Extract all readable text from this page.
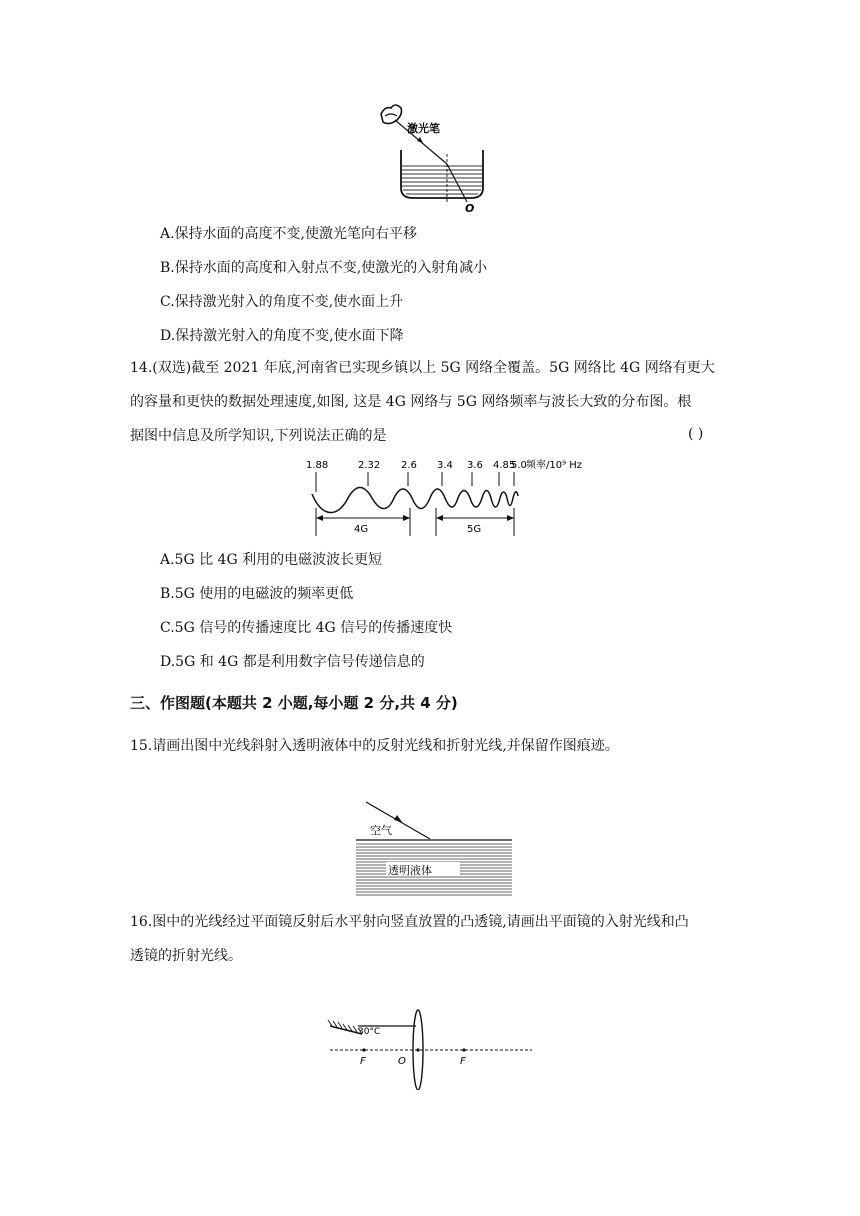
激光笔
O
A.保持水面的高度不变,使激光笔向右平移
B.保持水面的高度和入射点不变,使激光的入射角减小
C.保持激光射入的角度不变,使水面上升
D.保持激光射入的角度不变,使水面下降
14.(双选)截至 2021 年底,河南省已实现乡镇以上 5G 网络全覆盖。5G 网络比 4G 网络有更大
的容量和更快的数据处理速度,如图, 这是 4G 网络与 5G 网络频率与波长大致的分布图。根
据图中信息及所学知识,下列说法正确的是	( )
1.88	2.32 2.6 3.4 3.6 4.85
5.0 频率/10⁹ Hz
4G	5G
A.5G 比 4G 利用的电磁波波长更短
B.5G 使用的电磁波的频率更低
C.5G 信号的传播速度比 4G 信号的传播速度快
D.5G 和 4G 都是利用数字信号传递信息的
三、作图题(本题共 2 小题,每小题 2 分,共 4 分)
15.请画出图中光线斜射入透明液体中的反射光线和折射光线,并保留作图痕迹。
空气
透明液体
16.图中的光线经过平面镜反射后水平射向竖直放置的凸透镜,请画出平面镜的入射光线和凸
透镜的折射光线。
30°C
F	O	F
